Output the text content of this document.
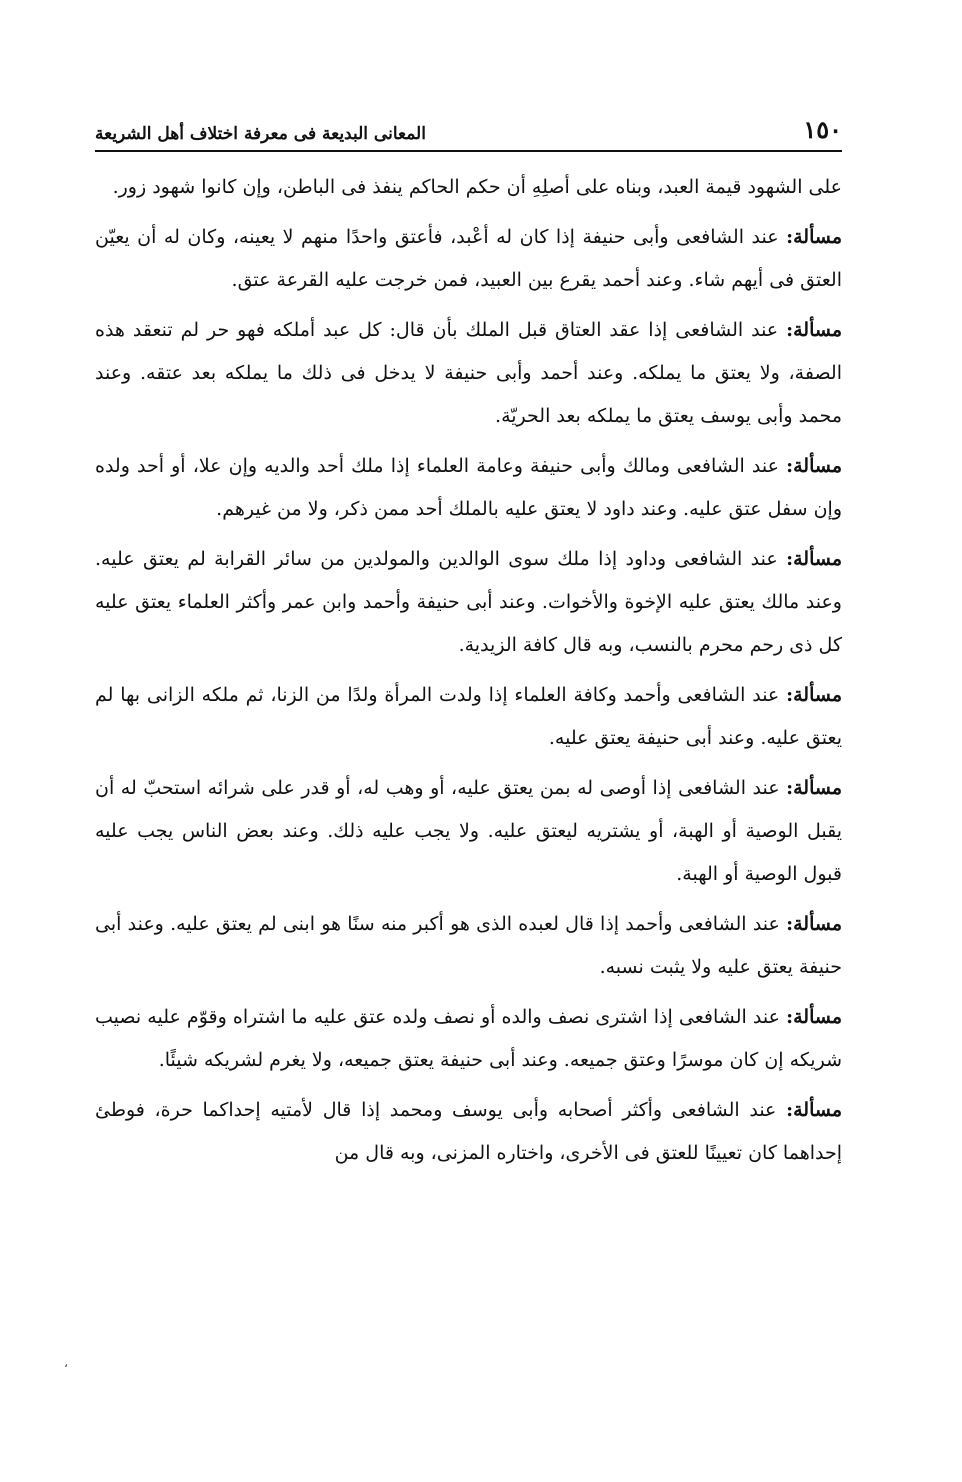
١٥٠
المعانى البديعة فى معرفة اختلاف أهل الشريعة

على الشهود قيمة العبد، وبناه على أصلِهِ أن حكم الحاكم ينفذ فى الباطن، وإن كانوا شهود زور.

مسألة: عند الشافعى وأبى حنيفة إذا كان له أعْبد، فأعتق واحدًا منهم لا يعينه، وكان له أن يعيّن العتق فى أيهم شاء. وعند أحمد يقرع بين العبيد، فمن خرجت عليه القرعة عتق.

مسألة: عند الشافعى إذا عقد العتاق قبل الملك بأن قال: كل عبد أملكه فهو حر لم تنعقد هذه الصفة، ولا يعتق ما يملكه. وعند أحمد وأبى حنيفة لا يدخل فى ذلك ما يملكه بعد عتقه. وعند محمد وأبى يوسف يعتق ما يملكه بعد الحريّة.

مسألة: عند الشافعى ومالك وأبى حنيفة وعامة العلماء إذا ملك أحد والديه وإن علا، أو أحد ولده وإن سفل عتق عليه. وعند داود لا يعتق عليه بالملك أحد ممن ذكر، ولا من غيرهم.

مسألة: عند الشافعى وداود إذا ملك سوى الوالدين والمولدين من سائر القرابة لم يعتق عليه. وعند مالك يعتق عليه الإخوة والأخوات. وعند أبى حنيفة وأحمد وابن عمر وأكثر العلماء يعتق عليه كل ذى رحم محرم بالنسب، وبه قال كافة الزيدية.

مسألة: عند الشافعى وأحمد وكافة العلماء إذا ولدت المرأة ولدًا من الزنا، ثم ملكه الزانى بها لم يعتق عليه. وعند أبى حنيفة يعتق عليه.

مسألة: عند الشافعى إذا أوصى له بمن يعتق عليه، أو وهب له، أو قدر على شرائه استحبّ له أن يقبل الوصية أو الهبة، أو يشتريه ليعتق عليه. ولا يجب عليه ذلك. وعند بعض الناس يجب عليه قبول الوصية أو الهبة.

مسألة: عند الشافعى وأحمد إذا قال لعبده الذى هو أكبر منه سنًا هو ابنى لم يعتق عليه. وعند أبى حنيفة يعتق عليه ولا يثبت نسبه.

مسألة: عند الشافعى إذا اشترى نصف والده أو نصف ولده عتق عليه ما اشتراه وقوّم عليه نصيب شريكه إن كان موسرًا وعتق جميعه. وعند أبى حنيفة يعتق جميعه، ولا يغرم لشريكه شيئًا.

مسألة: عند الشافعى وأكثر أصحابه وأبى يوسف ومحمد إذا قال لأمتيه إحداكما حرة، فوطئ إحداهما كان تعيينًا للعتق فى الأخرى، واختاره المزنى، وبه قال من

،
